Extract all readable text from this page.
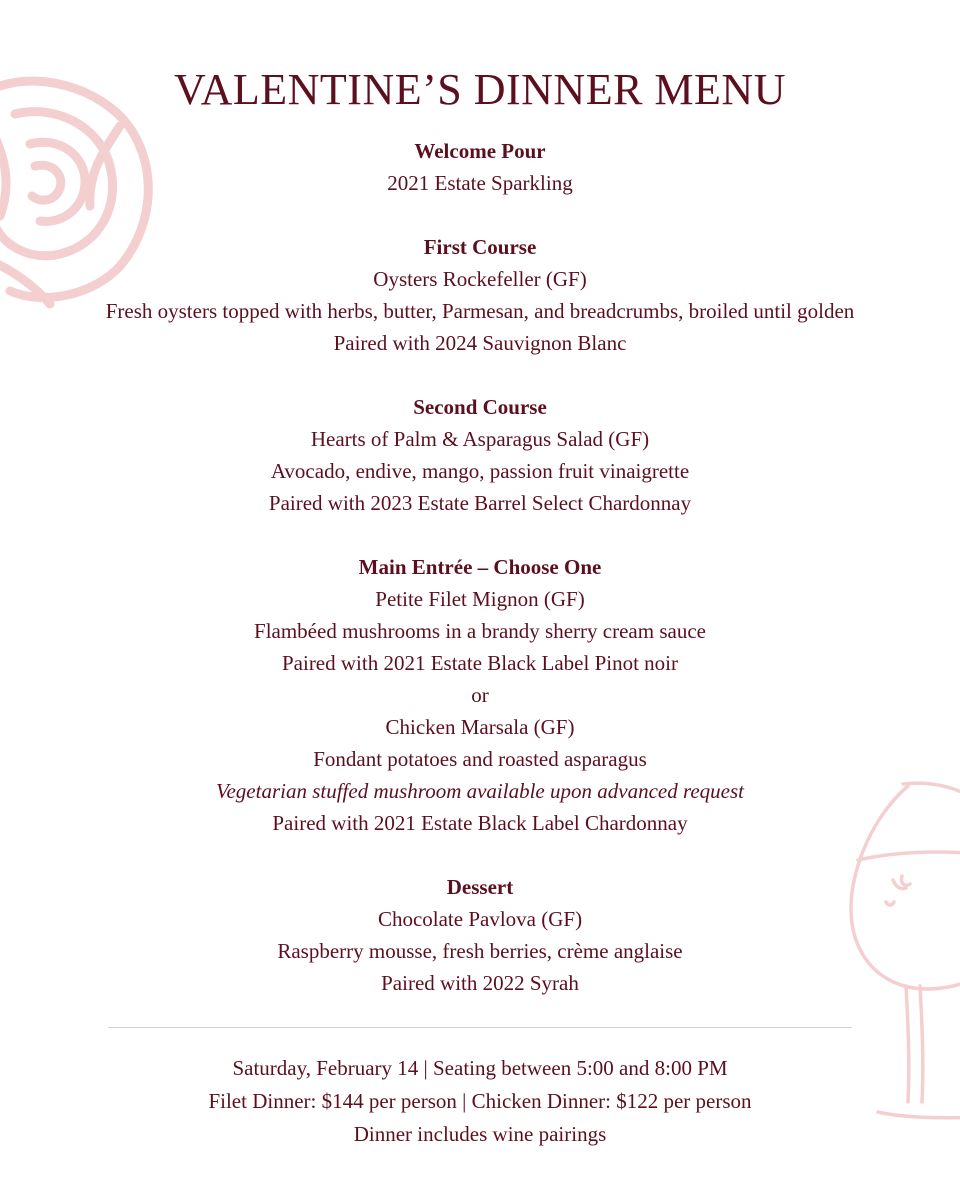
VALENTINE’S DINNER MENU
Welcome Pour
2021 Estate Sparkling
First Course
Oysters Rockefeller (GF)
Fresh oysters topped with herbs, butter, Parmesan, and breadcrumbs, broiled until golden
Paired with 2024 Sauvignon Blanc
Second Course
Hearts of Palm & Asparagus Salad (GF)
Avocado, endive, mango, passion fruit vinaigrette
Paired with 2023 Estate Barrel Select Chardonnay
Main Entrée – Choose One
Petite Filet Mignon (GF)
Flambéed mushrooms in a brandy sherry cream sauce
Paired with 2021 Estate Black Label Pinot noir
or
Chicken Marsala (GF)
Fondant potatoes and roasted asparagus
Vegetarian stuffed mushroom available upon advanced request
Paired with 2021 Estate Black Label Chardonnay
Dessert
Chocolate Pavlova (GF)
Raspberry mousse, fresh berries, crème anglaise
Paired with 2022 Syrah
Saturday, February 14 | Seating between 5:00 and 8:00 PM
Filet Dinner: $144 per person | Chicken Dinner: $122 per person
Dinner includes wine pairings
